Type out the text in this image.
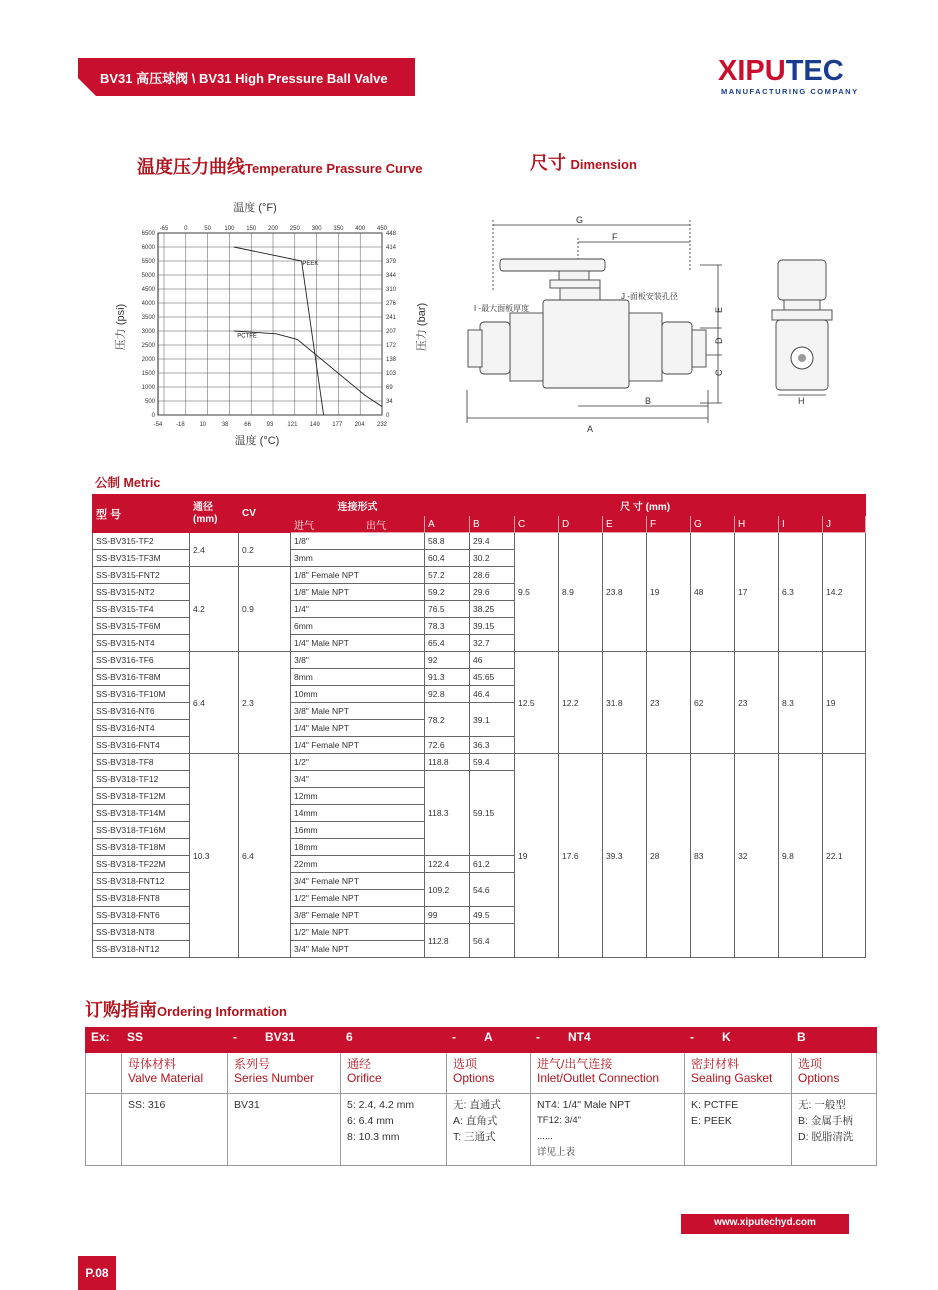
BV31 高压球阀 \ BV31 High Pressure Ball Valve	XIPUTEC
MANUFACTURING COMPANY
温度压力曲线Temperature Prassure Curve	尺寸 Dimension
-65	0	50 100 150 200 250 300 350 400 450
-54 -18 10	38	66	93 121 149 177 204 232
6500
6000
5500
5000
4500
4000
3500
3000
2500
2000
1500
1000
500
0
448
414
379
344
310
276
241
207
172
138
103
69
34
0
PEEK
PCTFE
温度 (°F)
温度 (°C)
压力 (psi)	压力 (bar)
G
F
A
B
E
D
C
H
I -最大面板厚度
J -面板安装孔径
公制 Metric
型 号	通径 (mm)	CV	连接形式	尺 寸 (mm)									
			进气 出气	A	B	C	D	E	F	G	H	I	J
SS-BV315-TF2	2.4	0.2	1/8"	58.8	29.4	9.5	8.9	23.8	19	48	17	6.3	14.2
SS-BV315-TF3M			3mm	60.4	30.2								
SS-BV315-FNT2	4.2	0.9	1/8" Female NPT	57.2	28.6								
SS-BV315-NT2			1/8" Male NPT	59.2	29.6								
SS-BV315-TF4			1/4"	76.5	38.25								
SS-BV315-TF6M			6mm	78.3	39.15								
SS-BV315-NT4			1/4" Male NPT	65.4	32.7								
SS-BV316-TF6	6.4	2.3	3/8"	92	46	12.5	12.2	31.8	23	62	23	8.3	19
SS-BV316-TF8M			8mm	91.3	45.65								
SS-BV316-TF10M			10mm	92.8	46.4								
SS-BV316-NT6			3/8" Male NPT	78.2	39.1								
SS-BV316-NT4			1/4" Male NPT										
SS-BV316-FNT4			1/4" Female NPT	72.6	36.3								
SS-BV318-TF8	10.3	6.4	1/2"	118.8	59.4	19	17.6	39.3	28	83	32	9.8	22.1
SS-BV318-TF12			3/4"	118.3	59.15								
SS-BV318-TF12M			12mm										
SS-BV318-TF14M			14mm										
SS-BV318-TF16M			16mm										
SS-BV318-TF18M			18mm										
SS-BV318-TF22M			22mm	122.4	61.2								
SS-BV318-FNT12			3/4" Female NPT	109.2	54.6								
SS-BV318-FNT8			1/2" Female NPT										
SS-BV318-FNT6			3/8" Female NPT	99	49.5								
SS-BV318-NT8			1/2" Male NPT	112.8	56.4								
SS-BV318-NT12			3/4" Male NPT										
订购指南Ordering Information
Ex:	SS	- BV31	6	- A	- NT4	- K	B

	母体材料
Valve Material	系列号
Series Number	通经
Orifice	选项
Options	进气/出气连接
Inlet/Outlet Connection	密封材料
Sealing Gasket	选项
Options

	SS: 316	BV31	5: 2.4, 4.2 mm
6: 6.4 mm
8: 10.3 mm	无: 直通式
A: 直角式
T: 三通式	NT4: 1/4" Male NPT
TF12: 3/4"
......
详见上表	K: PCTFE
E: PEEK	无: 一般型
B: 金属手柄
D: 脱脂清洗
www.xiputechyd.com
P.08
